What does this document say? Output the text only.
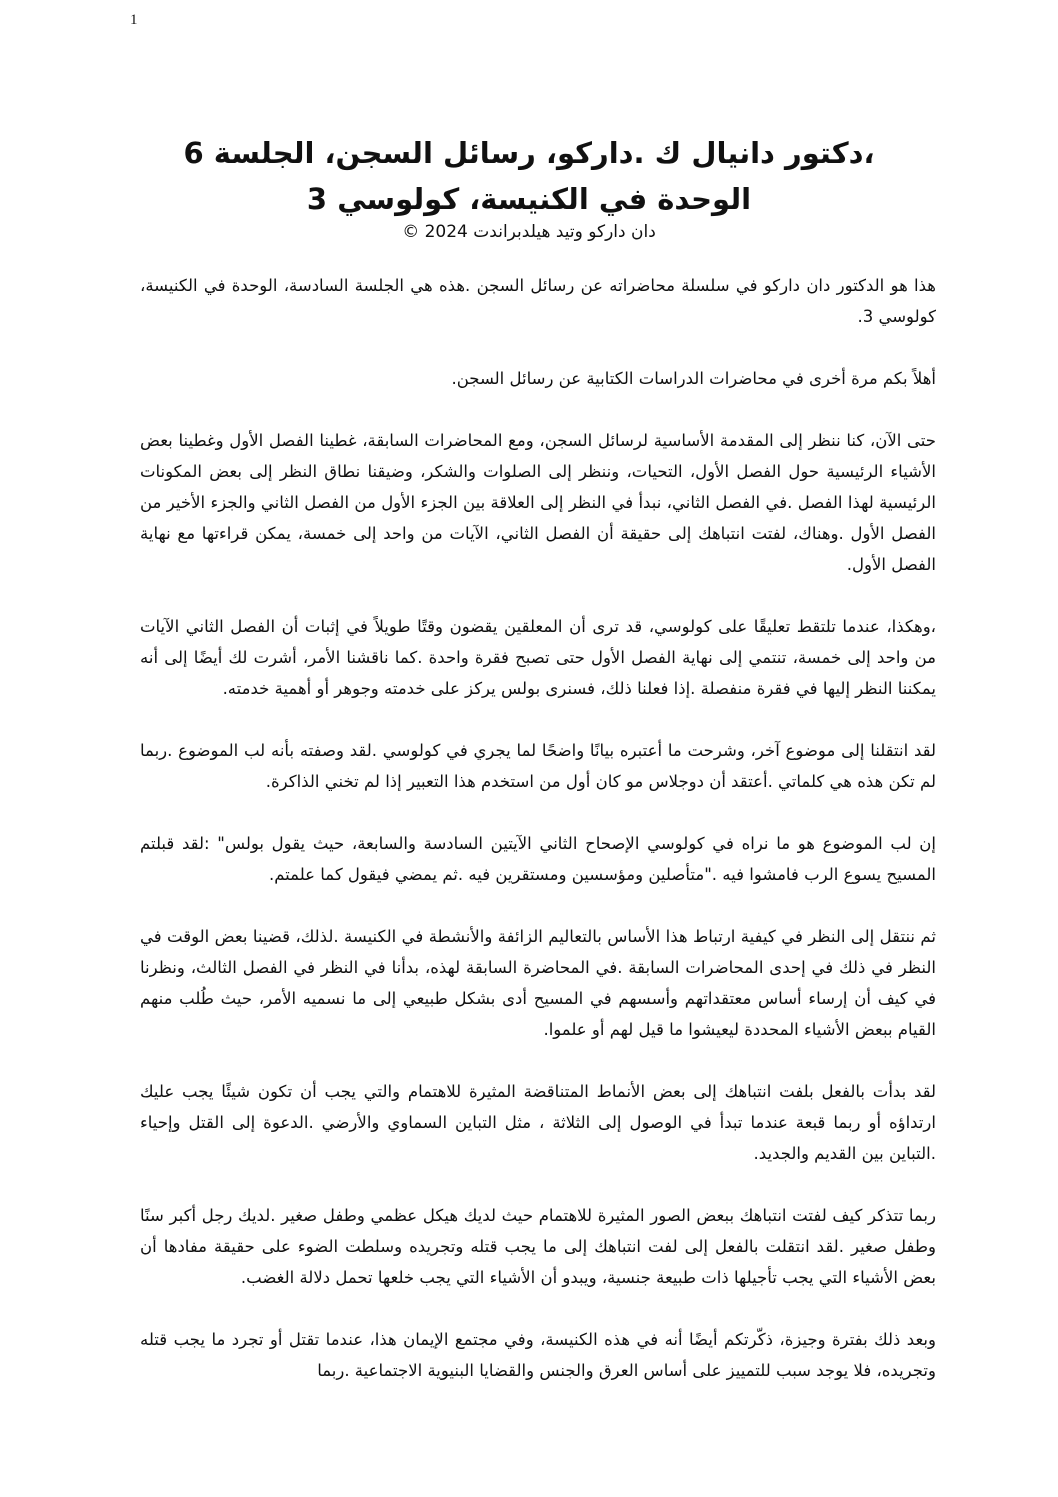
1
،دكتور دانيال ك .داركو، رسائل السجن، الجلسة 6
الوحدة في الكنيسة، كولوسي 3
دان داركو وتيد هيلدبراندت 2024 ©

هذا هو الدكتور دان داركو في سلسلة محاضراته عن رسائل السجن .هذه هي الجلسة السادسة، الوحدة في الكنيسة، كولوسي 3.

أهلاً بكم مرة أخرى في محاضرات الدراسات الكتابية عن رسائل السجن.

حتى الآن، كنا ننظر إلى المقدمة الأساسية لرسائل السجن، ومع المحاضرات السابقة، غطينا الفصل الأول وغطينا بعض الأشياء الرئيسية حول الفصل الأول، التحيات، وننظر إلى الصلوات والشكر، وضيقنا نطاق النظر إلى بعض المكونات الرئيسية لهذا الفصل .في الفصل الثاني، نبدأ في النظر إلى العلاقة بين الجزء الأول من الفصل الثاني والجزء الأخير من الفصل الأول .وهناك، لفتت انتباهك إلى حقيقة أن الفصل الثاني، الآيات من واحد إلى خمسة، يمكن قراءتها مع نهاية الفصل الأول.

،وهكذا، عندما تلتقط تعليقًا على كولوسي، قد ترى أن المعلقين يقضون وقتًا طويلاً في إثبات أن الفصل الثاني الآيات من واحد إلى خمسة، تنتمي إلى نهاية الفصل الأول حتى تصبح فقرة واحدة .كما ناقشنا الأمر، أشرت لك أيضًا إلى أنه يمكننا النظر إليها في فقرة منفصلة .إذا فعلنا ذلك، فسنرى بولس يركز على خدمته وجوهر أو أهمية خدمته.

لقد انتقلنا إلى موضوع آخر، وشرحت ما أعتبره بيانًا واضحًا لما يجري في كولوسي .لقد وصفته بأنه لب الموضوع .ربما لم تكن هذه هي كلماتي .أعتقد أن دوجلاس مو كان أول من استخدم هذا التعبير إذا لم تخني الذاكرة.

إن لب الموضوع هو ما نراه في كولوسي الإصحاح الثاني الآيتين السادسة والسابعة، حيث يقول بولس" :لقد قبلتم المسيح يسوع الرب فامشوا فيه ."متأصلين ومؤسسين ومستقرين فيه .ثم يمضي فيقول كما علمتم.

ثم ننتقل إلى النظر في كيفية ارتباط هذا الأساس بالتعاليم الزائفة والأنشطة في الكنيسة .لذلك، قضينا بعض الوقت في النظر في ذلك في إحدى المحاضرات السابقة .في المحاضرة السابقة لهذه، بدأنا في النظر في الفصل الثالث، ونظرنا في كيف أن إرساء أساس معتقداتهم وأسسهم في المسيح أدى بشكل طبيعي إلى ما نسميه الأمر، حيث طُلب منهم القيام ببعض الأشياء المحددة ليعيشوا ما قيل لهم أو علموا.

لقد بدأت بالفعل بلفت انتباهك إلى بعض الأنماط المتناقضة المثيرة للاهتمام والتي يجب أن تكون شيئًا يجب عليك ارتداؤه أو ربما قبعة عندما تبدأ في الوصول إلى الثلاثة ، مثل التباين السماوي والأرضي .الدعوة إلى القتل وإحياء .التباين بين القديم والجديد.

ربما تتذكر كيف لفتت انتباهك ببعض الصور المثيرة للاهتمام حيث لديك هيكل عظمي وطفل صغير .لديك رجل أكبر سنًا وطفل صغير .لقد انتقلت بالفعل إلى لفت انتباهك إلى ما يجب قتله وتجريده وسلطت الضوء على حقيقة مفادها أن بعض الأشياء التي يجب تأجيلها ذات طبيعة جنسية، ويبدو أن الأشياء التي يجب خلعها تحمل دلالة الغضب.

وبعد ذلك بفترة وجيزة، ذكّرتكم أيضًا أنه في هذه الكنيسة، وفي مجتمع الإيمان هذا، عندما تقتل أو تجرد ما يجب قتله وتجريده، فلا يوجد سبب للتمييز على أساس العرق والجنس والقضايا البنيوية الاجتماعية .ربما
